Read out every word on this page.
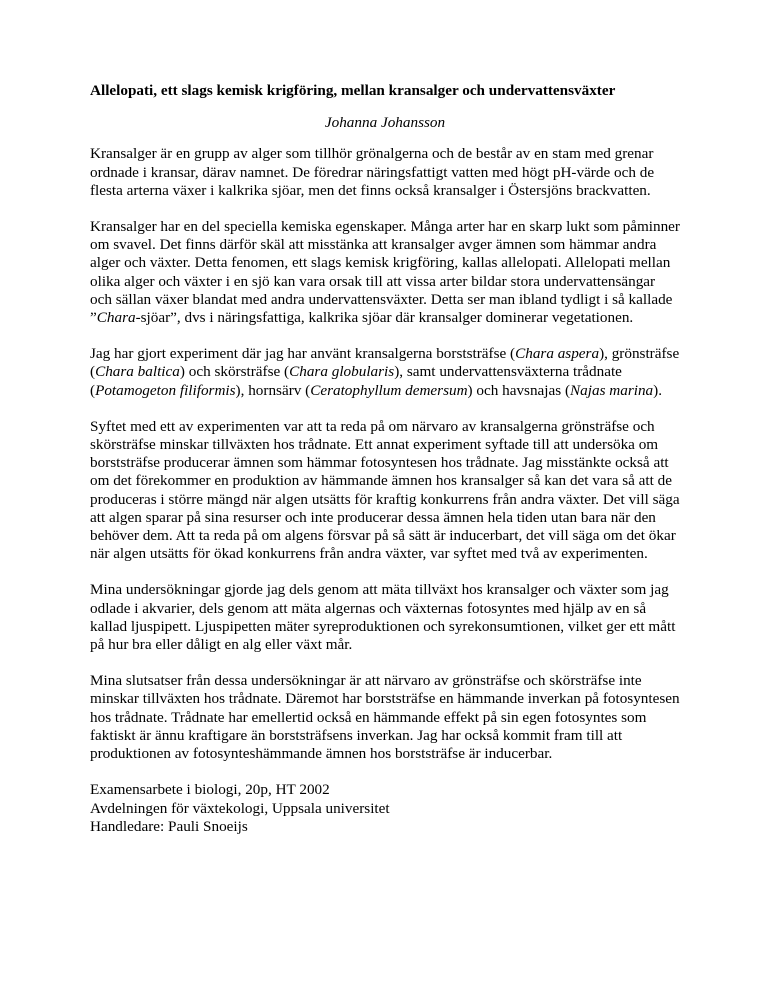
Allelopati, ett slags kemisk krigföring, mellan kransalger och undervattensväxter
Johanna Johansson

Kransalger är en grupp av alger som tillhör grönalgerna och de består av en stam med grenar ordnade i kransar, därav namnet. De föredrar näringsfattigt vatten med högt pH-värde och de flesta arterna växer i kalkrika sjöar, men det finns också kransalger i Östersjöns brackvatten.

Kransalger har en del speciella kemiska egenskaper. Många arter har en skarp lukt som påminner om svavel. Det finns därför skäl att misstänka att kransalger avger ämnen som hämmar andra alger och växter. Detta fenomen, ett slags kemisk krigföring, kallas allelopati. Allelopati mellan olika alger och växter i en sjö kan vara orsak till att vissa arter bildar stora undervattensängar och sällan växer blandat med andra undervattensväxter. Detta ser man ibland tydligt i så kallade ”Chara-sjöar”, dvs i näringsfattiga, kalkrika sjöar där kransalger dominerar vegetationen.

Jag har gjort experiment där jag har använt kransalgerna borststräfse (Chara aspera), grönsträfse (Chara baltica) och skörsträfse (Chara globularis), samt undervattensväxterna trådnate (Potamogeton filiformis), hornsärv (Ceratophyllum demersum) och havsnajas (Najas marina).

Syftet med ett av experimenten var att ta reda på om närvaro av kransalgerna grönsträfse och skörsträfse minskar tillväxten hos trådnate. Ett annat experiment syftade till att undersöka om borststräfse producerar ämnen som hämmar fotosyntesen hos trådnate. Jag misstänkte också att om det förekommer en produktion av hämmande ämnen hos kransalger så kan det vara så att de produceras i större mängd när algen utsätts för kraftig konkurrens från andra växter. Det vill säga att algen sparar på sina resurser och inte producerar dessa ämnen hela tiden utan bara när den behöver dem. Att ta reda på om algens försvar på så sätt är inducerbart, det vill säga om det ökar när algen utsätts för ökad konkurrens från andra växter, var syftet med två av experimenten.

Mina undersökningar gjorde jag dels genom att mäta tillväxt hos kransalger och växter som jag odlade i akvarier, dels genom att mäta algernas och växternas fotosyntes med hjälp av en så kallad ljuspipett. Ljuspipetten mäter syreproduktionen och syrekonsumtionen, vilket ger ett mått på hur bra eller dåligt en alg eller växt mår.

Mina slutsatser från dessa undersökningar är att närvaro av grönsträfse och skörsträfse inte minskar tillväxten hos trådnate. Däremot har borststräfse en hämmande inverkan på fotosyntesen hos trådnate. Trådnate har emellertid också en hämmande effekt på sin egen fotosyntes som faktiskt är ännu kraftigare än borststräfsens inverkan. Jag har också kommit fram till att produktionen av fotosynteshämmande ämnen hos borststräfse är inducerbar.

Examensarbete i biologi, 20p, HT 2002
Avdelningen för växtekologi, Uppsala universitet
Handledare: Pauli Snoeijs
